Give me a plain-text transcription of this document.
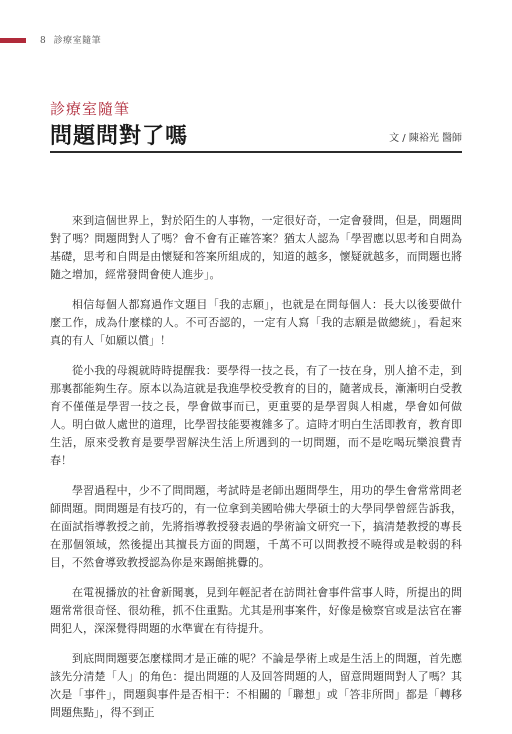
8 診療室隨筆
診療室隨筆
問題問對了嗎	文 / 陳裕光 醫師

來到這個世界上，對於陌生的人事物，一定很好奇，一定會發問，但是，問題問對了嗎？問題問對人了嗎？會不會有正確答案？猶太人認為「學習應以思考和自問為基礎，思考和自問是由懷疑和答案所組成的，知道的越多，懷疑就越多，而問題也將隨之增加，經常發問會使人進步」。

相信每個人都寫過作文題目「我的志願」，也就是在問每個人：長大以後要做什麼工作，成為什麼樣的人。不可否認的，一定有人寫「我的志願是做總統」，看起來真的有人「如願以償」！

從小我的母親就時時提醒我：要學得一技之長，有了一技在身，別人搶不走，到那裏都能夠生存。原本以為這就是我進學校受教育的目的，隨著成長，漸漸明白受教育不僅僅是學習一技之長，學會做事而已，更重要的是學習與人相處，學會如何做人。明白做人處世的道理，比學習技能要複雜多了。這時才明白生活即教育，教育即生活，原來受教育是要學習解決生活上所遇到的一切問題，而不是吃喝玩樂浪費青春！

學習過程中，少不了問問題，考試時是老師出題問學生，用功的學生會常常問老師問題。問問題是有技巧的，有一位拿到美國哈佛大學碩士的大學同學曾經告訴我，在面試指導教授之前，先將指導教授發表過的學術論文研究一下，搞清楚教授的專長在那個領域，然後提出其擅長方面的問題，千萬不可以問教授不曉得或是較弱的科目，不然會導致教授認為你是來踢館挑釁的。

在電視播放的社會新聞裏，見到年輕記者在訪問社會事件當事人時，所提出的問題常常很奇怪、很幼稚，抓不住重點。尤其是刑事案件，好像是檢察官或是法官在審問犯人，深深覺得問題的水準實在有待提升。

到底問問題要怎麼樣問才是正確的呢？不論是學術上或是生活上的問題，首先應該先分清楚「人」的角色：提出問題的人及回答問題的人，留意問題問對人了嗎？其次是「事件」，問題與事件是否相干：不相關的「聯想」或「答非所問」都是「轉移問題焦點」，得不到正
